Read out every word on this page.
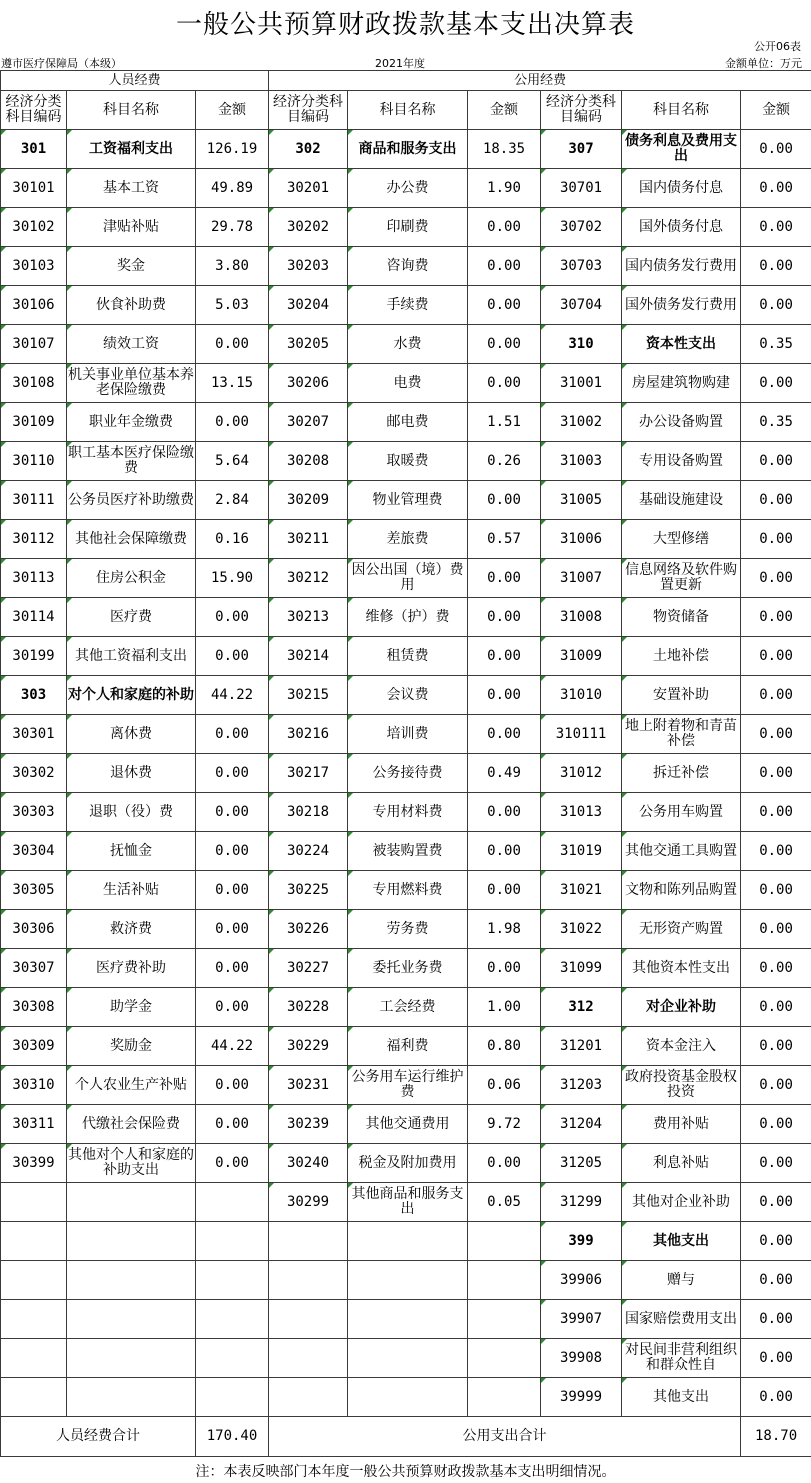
一般公共预算财政拨款基本支出决算表
公开06表
遵市医疗保障局（本级）	2021年度	金额单位：万元
人员经费			公用经费					
经济分类科目编码	科目名称	金额	经济分类科目编码	科目名称	金额	经济分类科目编码	科目名称	金额
301	工资福利支出	126.19	302	商品和服务支出	18.35	307	债务利息及费用支出	0.00
30101	基本工资	49.89	30201	办公费	1.90	30701	国内债务付息	0.00
30102	津贴补贴	29.78	30202	印刷费	0.00	30702	国外债务付息	0.00
30103	奖金	3.80	30203	咨询费	0.00	30703	国内债务发行费用	0.00
30106	伙食补助费	5.03	30204	手续费	0.00	30704	国外债务发行费用	0.00
30107	绩效工资	0.00	30205	水费	0.00	310	资本性支出	0.35
30108	机关事业单位基本养老保险缴费	13.15	30206	电费	0.00	31001	房屋建筑物购建	0.00
30109	职业年金缴费	0.00	30207	邮电费	1.51	31002	办公设备购置	0.35
30110	职工基本医疗保险缴费	5.64	30208	取暖费	0.26	31003	专用设备购置	0.00
30111	公务员医疗补助缴费	2.84	30209	物业管理费	0.00	31005	基础设施建设	0.00
30112	其他社会保障缴费	0.16	30211	差旅费	0.57	31006	大型修缮	0.00
30113	住房公积金	15.90	30212	因公出国（境）费用	0.00	31007	信息网络及软件购置更新	0.00
30114	医疗费	0.00	30213	维修（护）费	0.00	31008	物资储备	0.00
30199	其他工资福利支出	0.00	30214	租赁费	0.00	31009	土地补偿	0.00
303	对个人和家庭的补助	44.22	30215	会议费	0.00	31010	安置补助	0.00
30301	离休费	0.00	30216	培训费	0.00	310111	地上附着物和青苗补偿	0.00
30302	退休费	0.00	30217	公务接待费	0.49	31012	拆迁补偿	0.00
30303	退职（役）费	0.00	30218	专用材料费	0.00	31013	公务用车购置	0.00
30304	抚恤金	0.00	30224	被装购置费	0.00	31019	其他交通工具购置	0.00
30305	生活补贴	0.00	30225	专用燃料费	0.00	31021	文物和陈列品购置	0.00
30306	救济费	0.00	30226	劳务费	1.98	31022	无形资产购置	0.00
30307	医疗费补助	0.00	30227	委托业务费	0.00	31099	其他资本性支出	0.00
30308	助学金	0.00	30228	工会经费	1.00	312	对企业补助	0.00
30309	奖励金	44.22	30229	福利费	0.80	31201	资本金注入	0.00
30310	个人农业生产补贴	0.00	30231	公务用车运行维护费	0.06	31203	政府投资基金股权投资	0.00
30311	代缴社会保险费	0.00	30239	其他交通费用	9.72	31204	费用补贴	0.00
30399	其他对个人和家庭的补助支出	0.00	30240	税金及附加费用	0.00	31205	利息补贴	0.00
			30299	其他商品和服务支出	0.05	31299	其他对企业补助	0.00
						399	其他支出	0.00
						39906	赠与	0.00
						39907	国家赔偿费用支出	0.00
						39908	对民间非营利组织和群众性自	0.00
						39999	其他支出	0.00
人员经费合计		170.40	公用支出合计					18.70
注：本表反映部门本年度一般公共预算财政拨款基本支出明细情况。
